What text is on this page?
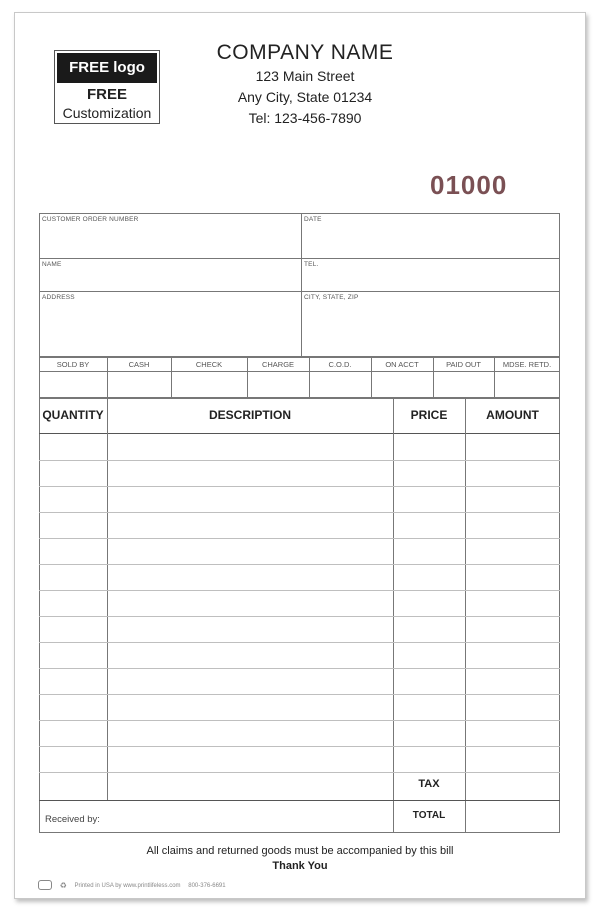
FREE logo
FREE
Customization
COMPANY NAME
123 Main Street
Any City, State 01234
Tel: 123-456-7890
01000
CUSTOMER ORDER NUMBER	DATE
NAME	TEL.
ADDRESS	CITY, STATE, ZIP
SOLD BY	CASH	CHECK	CHARGE	C.O.D.	ON ACCT	PAID OUT	MDSE. RETD.
QUANTITY	DESCRIPTION	PRICE	AMOUNT
TAX
TOTAL
Received by:
All claims and returned goods must be accompanied by this bill
Thank You
♻ Printed in USA by www.printlifeless.com 800-376-6691
